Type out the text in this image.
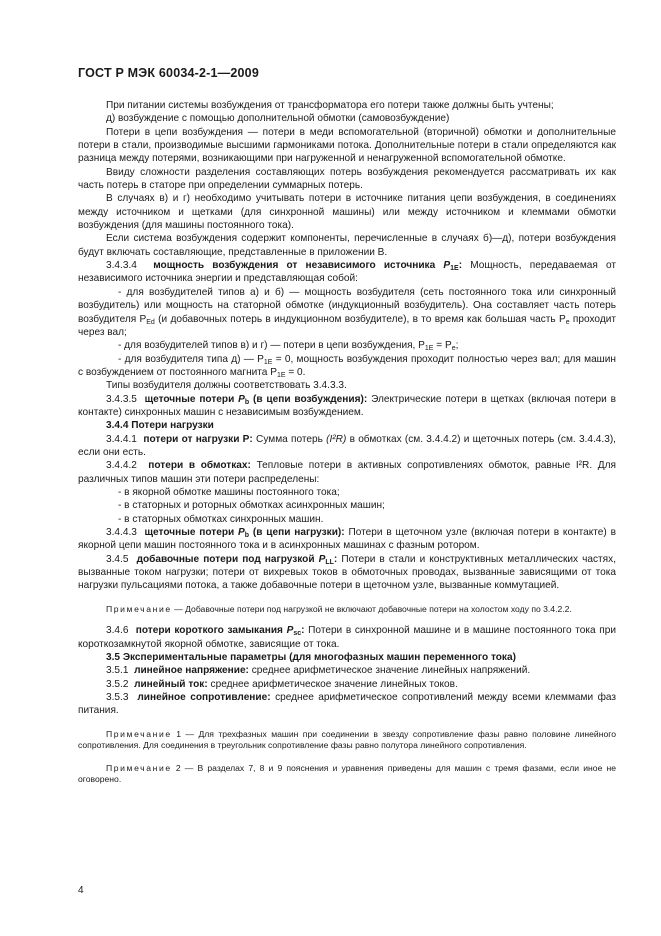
ГОСТ Р МЭК 60034-2-1—2009

При питании системы возбуждения от трансформатора его потери также должны быть учтены;

д) возбуждение с помощью дополнительной обмотки (самовозбуждение)

Потери в цепи возбуждения — потери в меди вспомогательной (вторичной) обмотки и дополнительные потери в стали, производимые высшими гармониками потока. Дополнительные потери в стали определяются как разница между потерями, возникающими при нагруженной и ненагруженной вспомогательной обмотке.

Ввиду сложности разделения составляющих потерь возбуждения рекомендуется рассматривать их как часть потерь в статоре при определении суммарных потерь.

В случаях в) и г) необходимо учитывать потери в источнике питания цепи возбуждения, в соединениях между источником и щетками (для синхронной машины) или между источником и клеммами обмотки возбуждения (для машины постоянного тока).

Если система возбуждения содержит компоненты, перечисленные в случаях б)—д), потери возбуждения будут включать составляющие, представленные в приложении В.

3.4.3.4 мощность возбуждения от независимого источника $P_{1E}$: Мощность, передаваемая от независимого источника энергии и представляющая собой:

- для возбудителей типов а) и б) — мощность возбудителя (сеть постоянного тока или синхронный возбудитель) или мощность на статорной обмотке (индукционный возбудитель). Она составляет часть потерь возбудителя $P_{Ed}$ (и добавочных потерь в индукционном возбудителе), в то время как большая часть $P_e$ проходит через вал;

- для возбудителей типов в) и г) — потери в цепи возбуждения, $P_{1E} = P_e$;

- для возбудителя типа д) — $P_{1E} = 0$, мощность возбуждения проходит полностью через вал; для машин с возбуждением от постоянного магнита $P_{1E} = 0$.

Типы возбудителя должны соответствовать 3.4.3.3.

3.4.3.5 щеточные потери $P_b$ (в цепи возбуждения): Электрические потери в щетках (включая потери в контакте) синхронных машин с независимым возбуждением.

3.4.4 Потери нагрузки

3.4.4.1 потери от нагрузки P: Сумма потерь (I²R) в обмотках (см. 3.4.4.2) и щеточных потерь (см. 3.4.4.3), если они есть.

3.4.4.2 потери в обмотках: Тепловые потери в активных сопротивлениях обмоток, равные I²R. Для различных типов машин эти потери распределены:

- в якорной обмотке машины постоянного тока;

- в статорных и роторных обмотках асинхронных машин;

- в статорных обмотках синхронных машин.

3.4.4.3 щеточные потери $P_b$ (в цепи нагрузки): Потери в щеточном узле (включая потери в контакте) в якорной цепи машин постоянного тока и в асинхронных машинах с фазным ротором.

3.4.5 добавочные потери под нагрузкой $P_{LL}$: Потери в стали и конструктивных металлических частях, вызванные током нагрузки; потери от вихревых токов в обмоточных проводах, вызванные зависящими от тока нагрузки пульсациями потока, а также добавочные потери в щеточном узле, вызванные коммутацией.

Примечание — Добавочные потери под нагрузкой не включают добавочные потери на холостом ходу по 3.4.2.2.

3.4.6 потери короткого замыкания $P_{sc}$: Потери в синхронной машине и в машине постоянного тока при короткозамкнутой якорной обмотке, зависящие от тока.

3.5 Экспериментальные параметры (для многофазных машин переменного тока)

3.5.1 линейное напряжение: среднее арифметическое значение линейных напряжений.

3.5.2 линейный ток: среднее арифметическое значение линейных токов.

3.5.3 линейное сопротивление: среднее арифметическое сопротивлений между всеми клеммами фаз питания.

Примечание 1 — Для трехфазных машин при соединении в звезду сопротивление фазы равно половине линейного сопротивления. Для соединения в треугольник сопротивление фазы равно полутора линейного сопротивления.

Примечание 2 — В разделах 7, 8 и 9 пояснения и уравнения приведены для машин с тремя фазами, если иное не оговорено.

4
